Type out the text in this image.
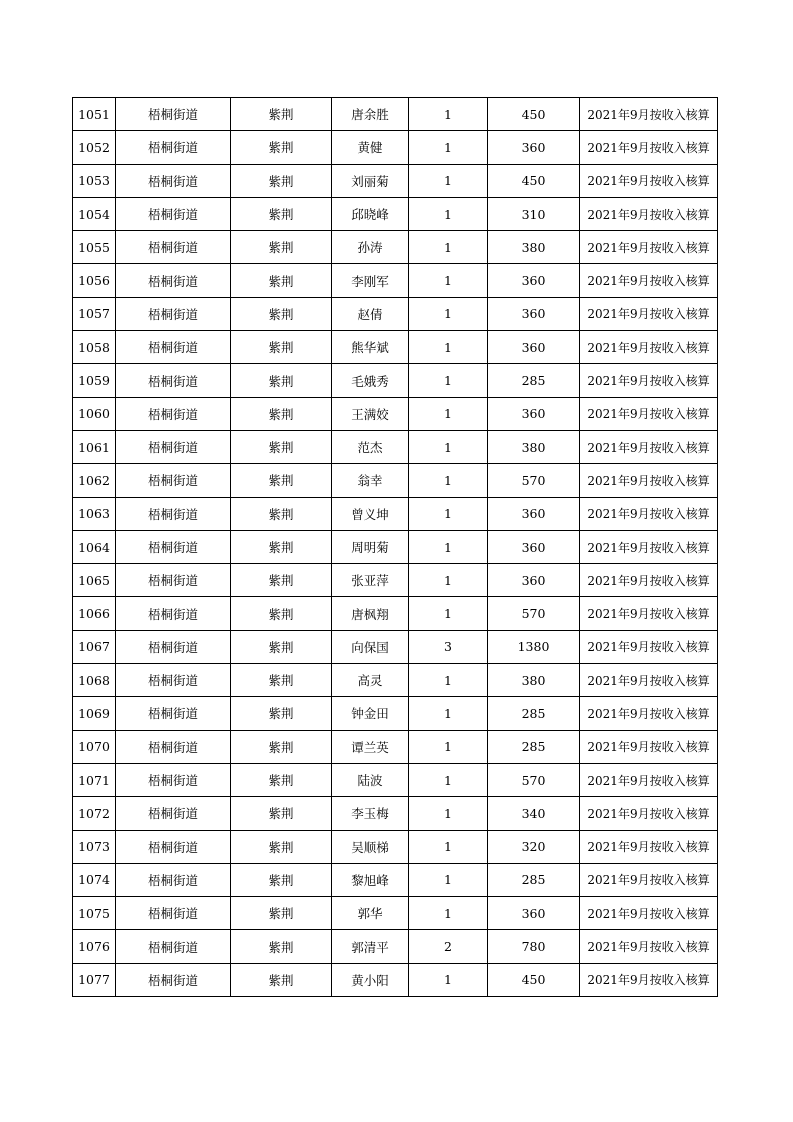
1051	梧桐街道	紫荆	唐余胜	1	450	2021年9月按收入核算
1052	梧桐街道	紫荆	黄健	1	360	2021年9月按收入核算
1053	梧桐街道	紫荆	刘丽菊	1	450	2021年9月按收入核算
1054	梧桐街道	紫荆	邱晓峰	1	310	2021年9月按收入核算
1055	梧桐街道	紫荆	孙涛	1	380	2021年9月按收入核算
1056	梧桐街道	紫荆	李刚军	1	360	2021年9月按收入核算
1057	梧桐街道	紫荆	赵倩	1	360	2021年9月按收入核算
1058	梧桐街道	紫荆	熊华斌	1	360	2021年9月按收入核算
1059	梧桐街道	紫荆	毛娥秀	1	285	2021年9月按收入核算
1060	梧桐街道	紫荆	王满姣	1	360	2021年9月按收入核算
1061	梧桐街道	紫荆	范杰	1	380	2021年9月按收入核算
1062	梧桐街道	紫荆	翁幸	1	570	2021年9月按收入核算
1063	梧桐街道	紫荆	曾义坤	1	360	2021年9月按收入核算
1064	梧桐街道	紫荆	周明菊	1	360	2021年9月按收入核算
1065	梧桐街道	紫荆	张亚萍	1	360	2021年9月按收入核算
1066	梧桐街道	紫荆	唐枫翔	1	570	2021年9月按收入核算
1067	梧桐街道	紫荆	向保国	3	1380	2021年9月按收入核算
1068	梧桐街道	紫荆	高灵	1	380	2021年9月按收入核算
1069	梧桐街道	紫荆	钟金田	1	285	2021年9月按收入核算
1070	梧桐街道	紫荆	谭兰英	1	285	2021年9月按收入核算
1071	梧桐街道	紫荆	陆波	1	570	2021年9月按收入核算
1072	梧桐街道	紫荆	李玉梅	1	340	2021年9月按收入核算
1073	梧桐街道	紫荆	吴顺梯	1	320	2021年9月按收入核算
1074	梧桐街道	紫荆	黎旭峰	1	285	2021年9月按收入核算
1075	梧桐街道	紫荆	郭华	1	360	2021年9月按收入核算
1076	梧桐街道	紫荆	郭清平	2	780	2021年9月按收入核算
1077	梧桐街道	紫荆	黄小阳	1	450	2021年9月按收入核算
